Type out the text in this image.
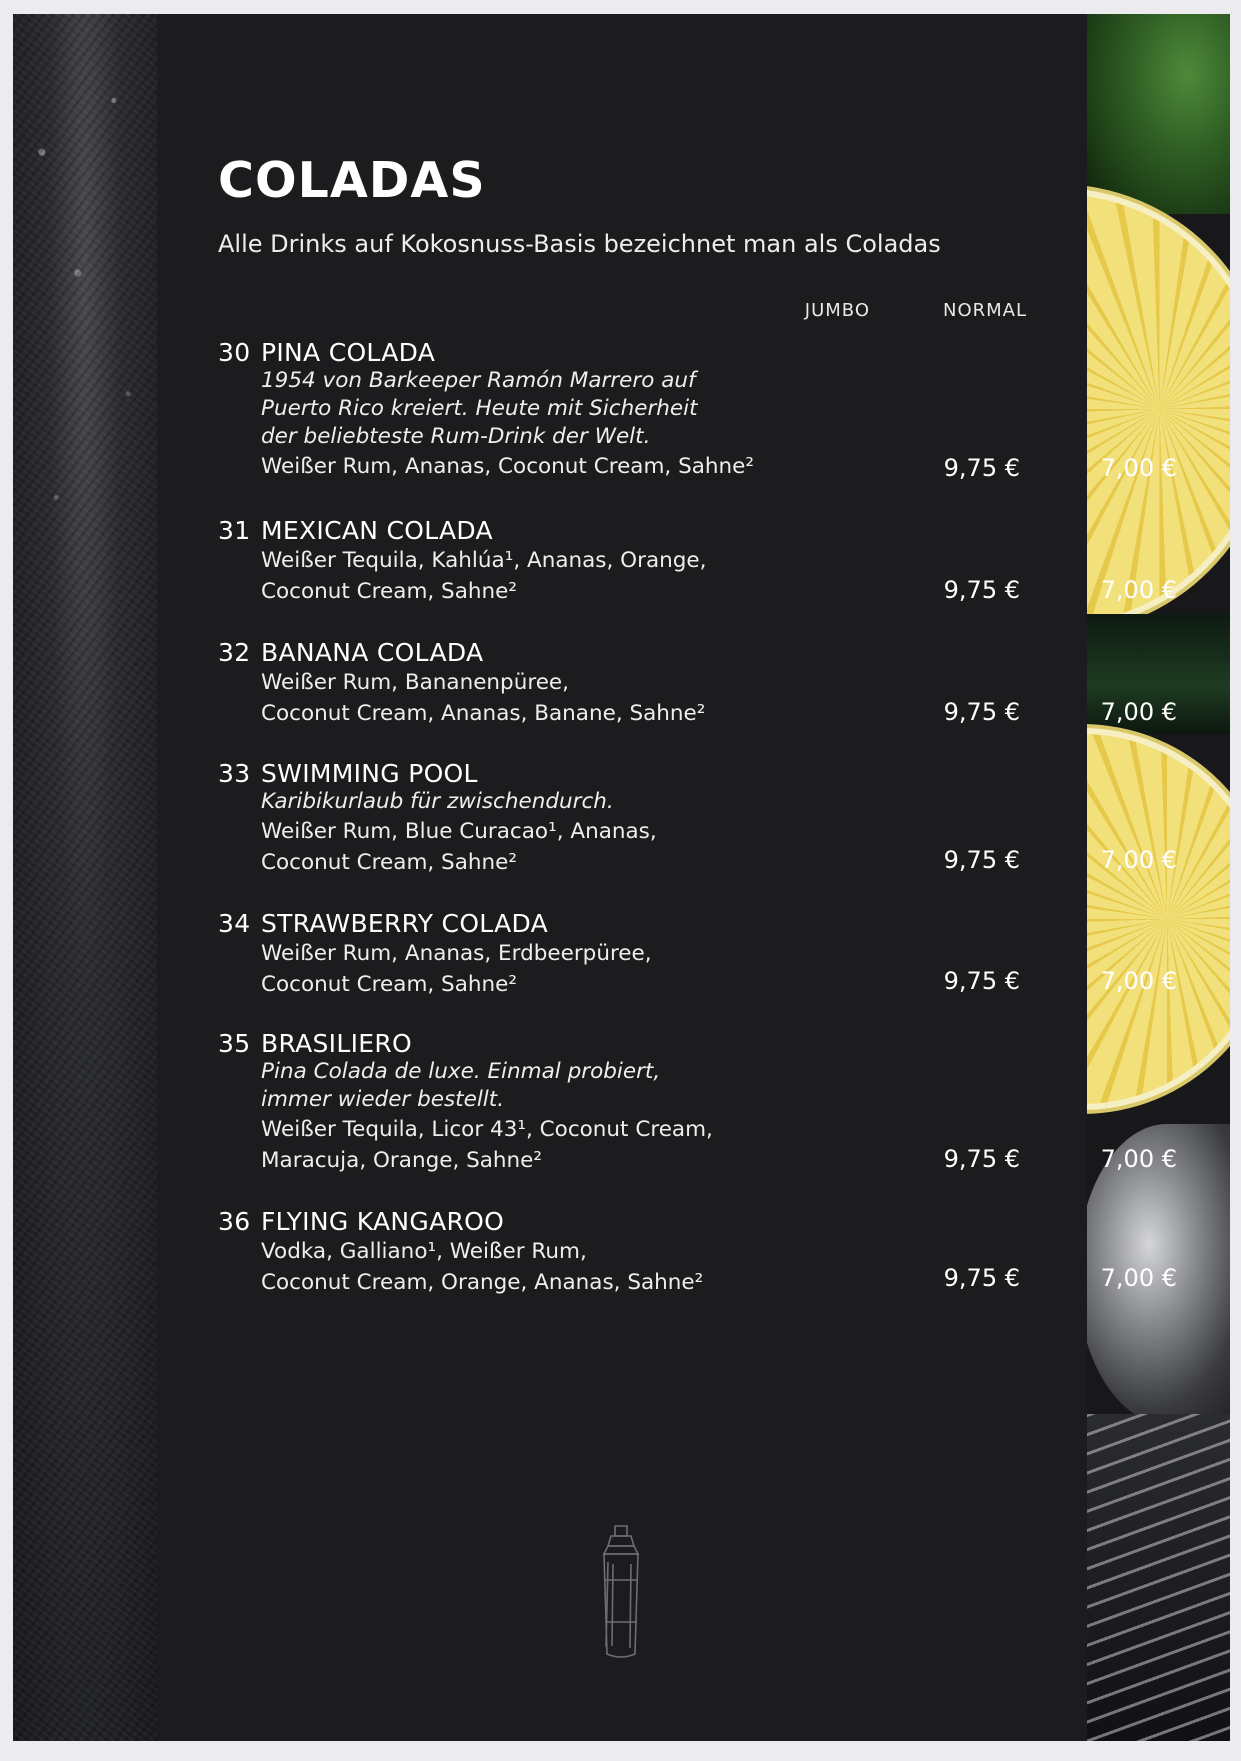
COLADAS

Alle Drinks auf Kokosnuss-Basis bezeichnet man als Coladas

JUMBO	NORMAL
30 PINA COLADA
1954 von Barkeeper Ramón Marrero auf
Puerto Rico kreiert. Heute mit Sicherheit
der beliebteste Rum-Drink der Welt.
Weißer Rum, Ananas, Coconut Cream, Sahne²	9,75 €	7,00 €
31 MEXICAN COLADA
Weißer Tequila, Kahlúa¹, Ananas, Orange,
Coconut Cream, Sahne²	9,75 €	7,00 €
32 BANANA COLADA
Weißer Rum, Bananenpüree,
Coconut Cream, Ananas, Banane, Sahne²	9,75 €	7,00 €
33 SWIMMING POOL
Karibikurlaub für zwischendurch.
Weißer Rum, Blue Curacao¹, Ananas,
Coconut Cream, Sahne²	9,75 €	7,00 €
34 STRAWBERRY COLADA
Weißer Rum, Ananas, Erdbeerpüree,
Coconut Cream, Sahne²	9,75 €	7,00 €
35 BRASILIERO
Pina Colada de luxe. Einmal probiert,
immer wieder bestellt.
Weißer Tequila, Licor 43¹, Coconut Cream,
Maracuja, Orange, Sahne²	9,75 €	7,00 €
36 FLYING KANGAROO
Vodka, Galliano¹, Weißer Rum,
Coconut Cream, Orange, Ananas, Sahne²	9,75 €	7,00 €
